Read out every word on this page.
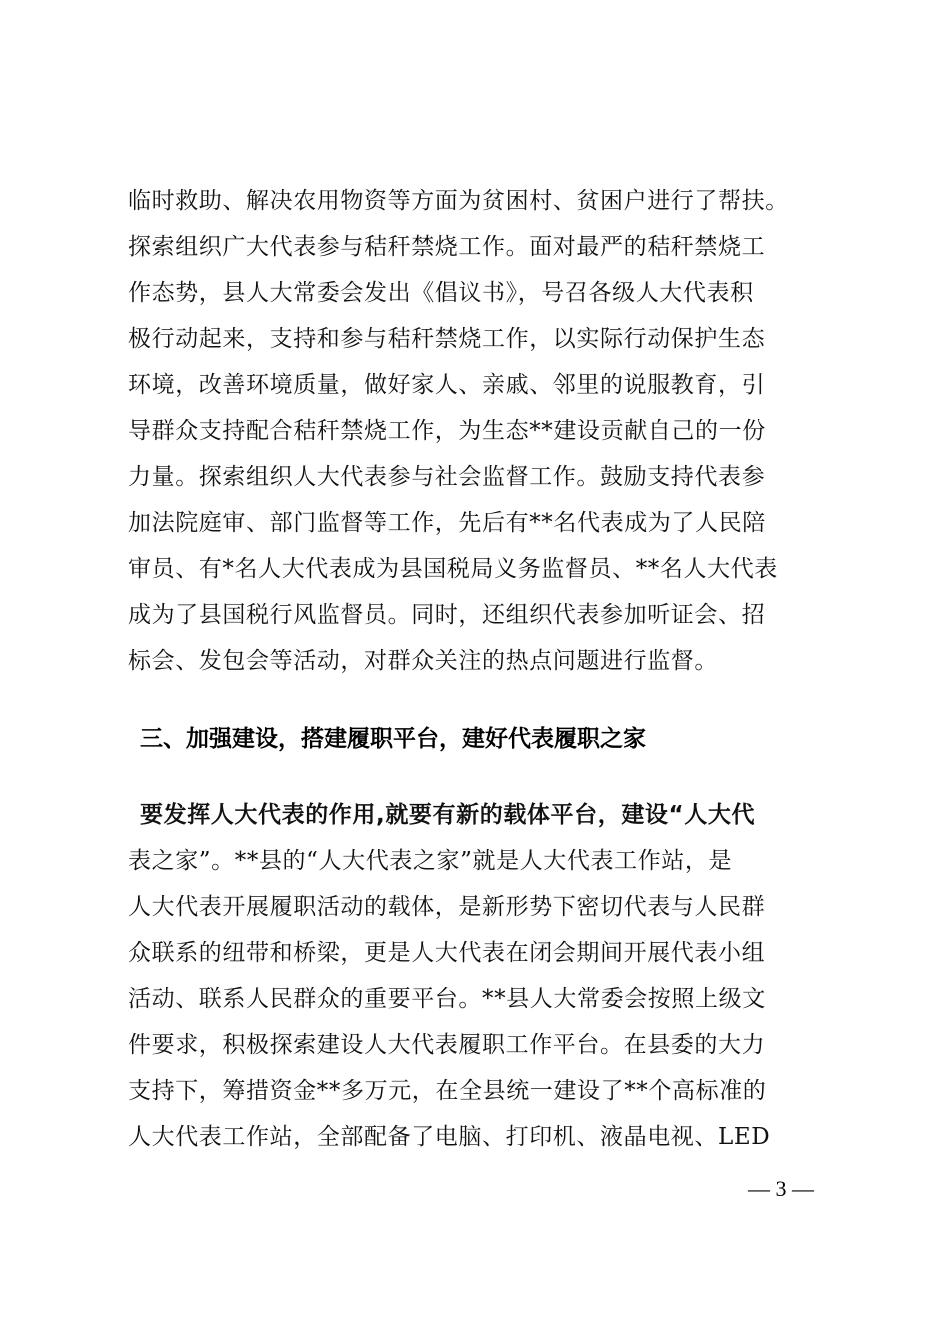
临时救助、解决农用物资等方面为贫困村、贫困户进行了帮扶。
探索组织广大代表参与秸秆禁烧工作。面对最严的秸秆禁烧工
作态势，县人大常委会发出《倡议书》，号召各级人大代表积
极行动起来，支持和参与秸秆禁烧工作，以实际行动保护生态
环境，改善环境质量，做好家人、亲戚、邻里的说服教育，引
导群众支持配合秸秆禁烧工作，为生态**建设贡献自己的一份
力量。探索组织人大代表参与社会监督工作。鼓励支持代表参
加法院庭审、部门监督等工作，先后有**名代表成为了人民陪
审员、有*名人大代表成为县国税局义务监督员、**名人大代表
成为了县国税行风监督员。同时，还组织代表参加听证会、招
标会、发包会等活动，对群众关注的热点问题进行监督。
三、加强建设，搭建履职平台，建好代表履职之家
要发挥人大代表的作用,就要有新的载体平台，建设“人大代
表之家”。**县的“人大代表之家”就是人大代表工作站，是
人大代表开展履职活动的载体，是新形势下密切代表与人民群
众联系的纽带和桥梁，更是人大代表在闭会期间开展代表小组
活动、联系人民群众的重要平台。**县人大常委会按照上级文
件要求，积极探索建设人大代表履职工作平台。在县委的大力
支持下，筹措资金**多万元，在全县统一建设了**个高标准的
人大代表工作站，全部配备了电脑、打印机、液晶电视、LED
— 3 —
